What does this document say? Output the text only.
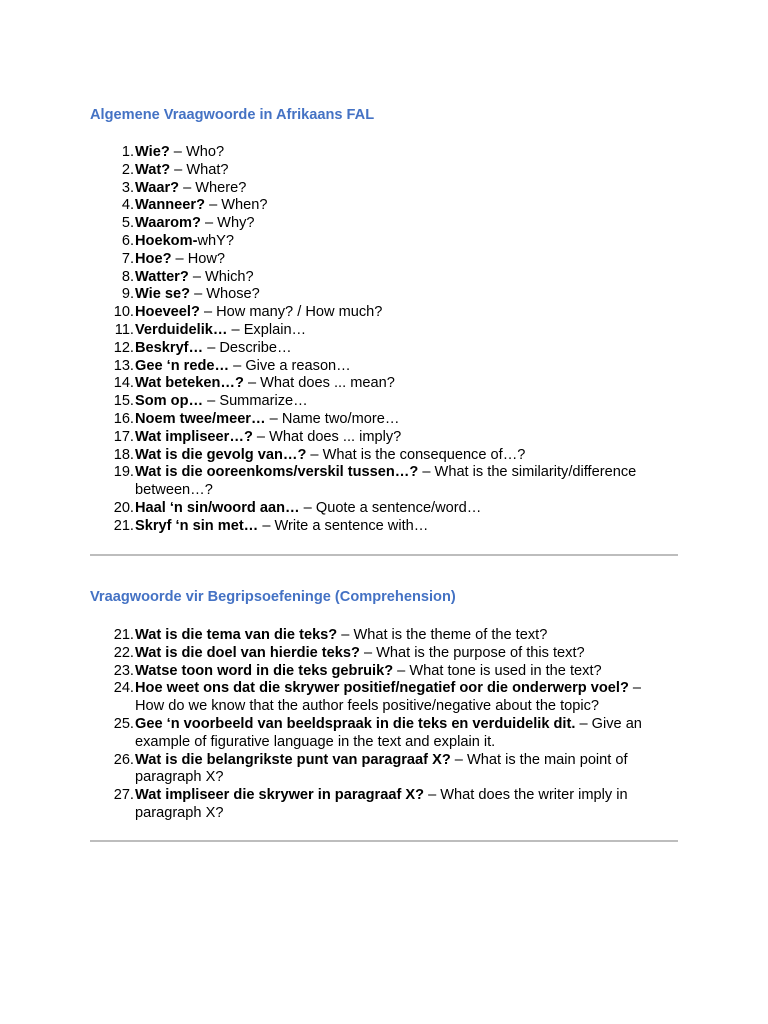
Algemene Vraagwoorde in Afrikaans FAL
1. Wie? – Who?
2. Wat? – What?
3. Waar? – Where?
4. Wanneer? – When?
5. Waarom? – Why?
6. Hoekom-whY?
7. Hoe? – How?
8. Watter? – Which?
9. Wie se? – Whose?
10. Hoeveel? – How many? / How much?
11. Verduidelik… – Explain…
12. Beskryf… – Describe…
13. Gee ‘n rede… – Give a reason…
14. Wat beteken…? – What does ... mean?
15. Som op… – Summarize…
16. Noem twee/meer… – Name two/more…
17. Wat impliseer…? – What does ... imply?
18. Wat is die gevolg van…? – What is the consequence of…?
19. Wat is die ooreenkoms/verskil tussen…? – What is the similarity/difference between…?
20. Haal ‘n sin/woord aan… – Quote a sentence/word…
21. Skryf ‘n sin met… – Write a sentence with…
Vraagwoorde vir Begripsoefeninge (Comprehension)
21. Wat is die tema van die teks? – What is the theme of the text?
22. Wat is die doel van hierdie teks? – What is the purpose of this text?
23. Watse toon word in die teks gebruik? – What tone is used in the text?
24. Hoe weet ons dat die skrywer positief/negatief oor die onderwerp voel? – How do we know that the author feels positive/negative about the topic?
25. Gee ‘n voorbeeld van beeldspraak in die teks en verduidelik dit. – Give an example of figurative language in the text and explain it.
26. Wat is die belangrikste punt van paragraaf X? – What is the main point of paragraph X?
27. Wat impliseer die skrywer in paragraaf X? – What does the writer imply in paragraph X?
